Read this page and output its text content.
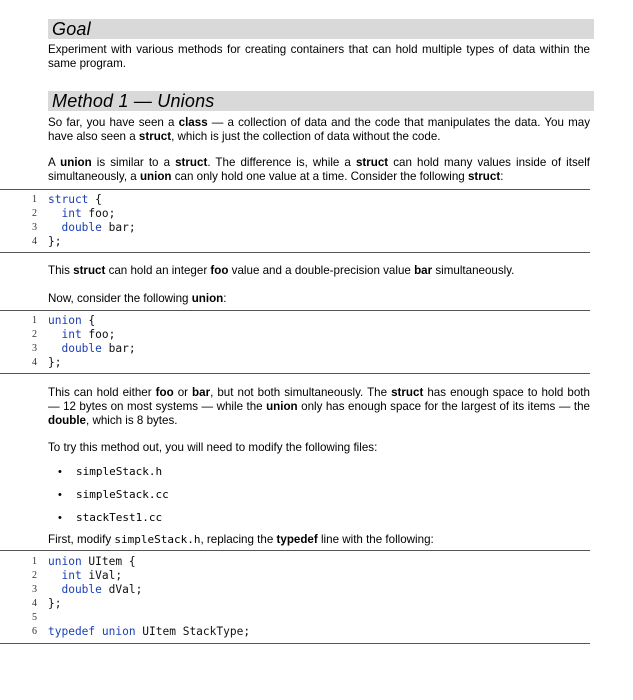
Goal
Experiment with various methods for creating containers that can hold multiple types of data within the same program.
Method 1 — Unions
So far, you have seen a class — a collection of data and the code that manipulates the data. You may have also seen a struct, which is just the collection of data without the code.
A union is similar to a struct. The difference is, while a struct can hold many values inside of itself simultaneously, a union can only hold one value at a time. Consider the following struct:
1 struct {
2 int foo;
3 double bar;
4 };
This struct can hold an integer foo value and a double-precision value bar simultaneously.
Now, consider the following union:
1 union {
2 int foo;
3 double bar;
4 };
This can hold either foo or bar, but not both simultaneously. The struct has enough space to hold both — 12 bytes on most systems — while the union only has enough space for the largest of its items — the double, which is 8 bytes.
To try this method out, you will need to modify the following files:
• simpleStack.h
• simpleStack.cc
• stackTest1.cc
First, modify simpleStack.h, replacing the typedef line with the following:
1 union UItem {
2 int iVal;
3 double dVal;
4 };
5
6 typedef union UItem StackType;
